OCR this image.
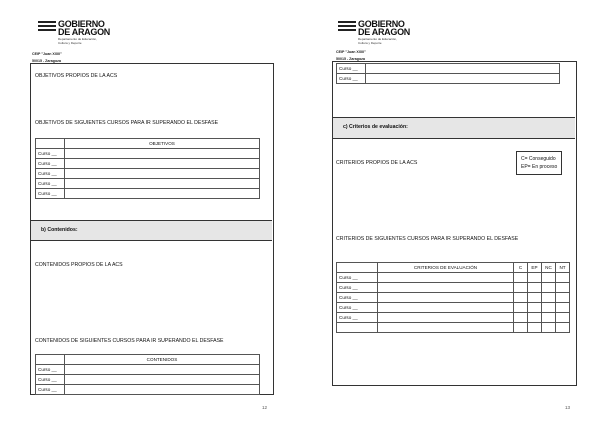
GOBIERNO
DE ARAGON
Departamento de Educación,
Cultura y Deporte
CEIP "Juan XXIII"
50015 - Zaragoza
OBJETIVOS PROPIOS DE LA ACS
OBJETIVOS DE SIGUIENTES CURSOS PARA IR SUPERANDO EL DESFASE
	OBJETIVOS
Curso __	
Curso __	
Curso __	
Curso __	
Curso __	
b) Contenidos:
CONTENIDOS PROPIOS DE LA ACS
CONTENIDOS DE SIGUIENTES CURSOS PARA IR SUPERANDO EL DESFASE
	CONTENIDOS
Curso __	
Curso __	
Curso __	
12
GOBIERNO
DE ARAGON
Departamento de Educación,
Cultura y Deporte
CEIP "Juan XXIII"
50015 - Zaragoza
Curso __	
Curso __	
c) Criterios de evaluación:
CRITERIOS PROPIOS DE LA ACS
C= Conseguido
EP= En proceso
CRITERIOS DE SIGUIENTES CURSOS PARA IR SUPERANDO EL DESFASE
	CRITERIOS DE EVALUACIÓN	C	EP	NC	NT
Curso __					
Curso __					
Curso __					
Curso __					
Curso __					

13
